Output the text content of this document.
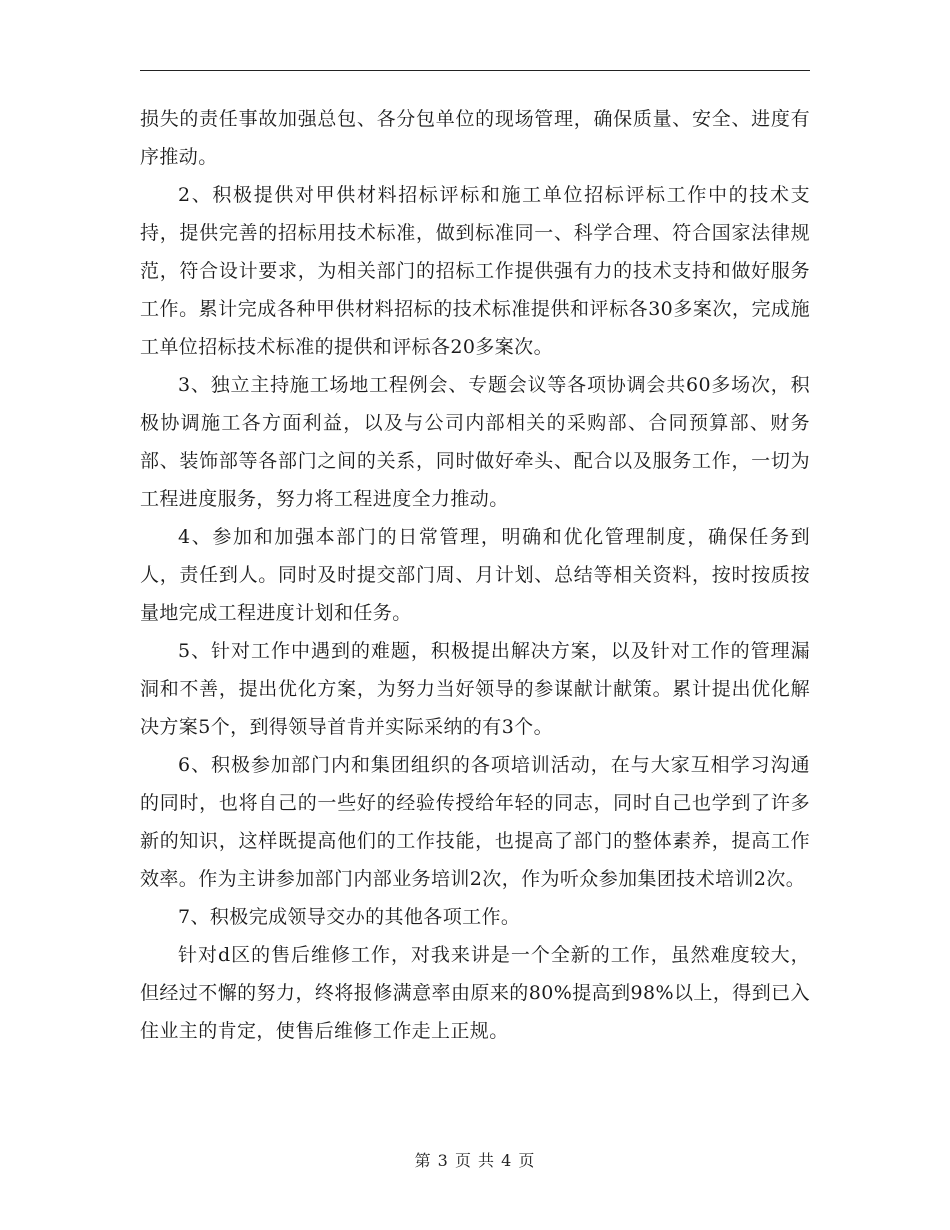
损失的责任事故加强总包、各分包单位的现场管理，确保质量、安全、进度有序推动。

2、积极提供对甲供材料招标评标和施工单位招标评标工作中的技术支持，提供完善的招标用技术标准，做到标准同一、科学合理、符合国家法律规范，符合设计要求，为相关部门的招标工作提供强有力的技术支持和做好服务工作。累计完成各种甲供材料招标的技术标准提供和评标各30多案次，完成施工单位招标技术标准的提供和评标各20多案次。

3、独立主持施工场地工程例会、专题会议等各项协调会共60多场次，积极协调施工各方面利益，以及与公司内部相关的采购部、合同预算部、财务部、装饰部等各部门之间的关系，同时做好牵头、配合以及服务工作，一切为工程进度服务，努力将工程进度全力推动。

4、参加和加强本部门的日常管理，明确和优化管理制度，确保任务到人，责任到人。同时及时提交部门周、月计划、总结等相关资料，按时按质按量地完成工程进度计划和任务。

5、针对工作中遇到的难题，积极提出解决方案，以及针对工作的管理漏洞和不善，提出优化方案，为努力当好领导的参谋献计献策。累计提出优化解决方案5个，到得领导首肯并实际采纳的有3个。

6、积极参加部门内和集团组织的各项培训活动，在与大家互相学习沟通的同时，也将自己的一些好的经验传授给年轻的同志，同时自己也学到了许多新的知识，这样既提高他们的工作技能，也提高了部门的整体素养，提高工作效率。作为主讲参加部门内部业务培训2次，作为听众参加集团技术培训2次。

7、积极完成领导交办的其他各项工作。

针对d区的售后维修工作，对我来讲是一个全新的工作，虽然难度较大，但经过不懈的努力，终将报修满意率由原来的80%提高到98%以上，得到已入住业主的肯定，使售后维修工作走上正规。

第 3 页 共 4 页
